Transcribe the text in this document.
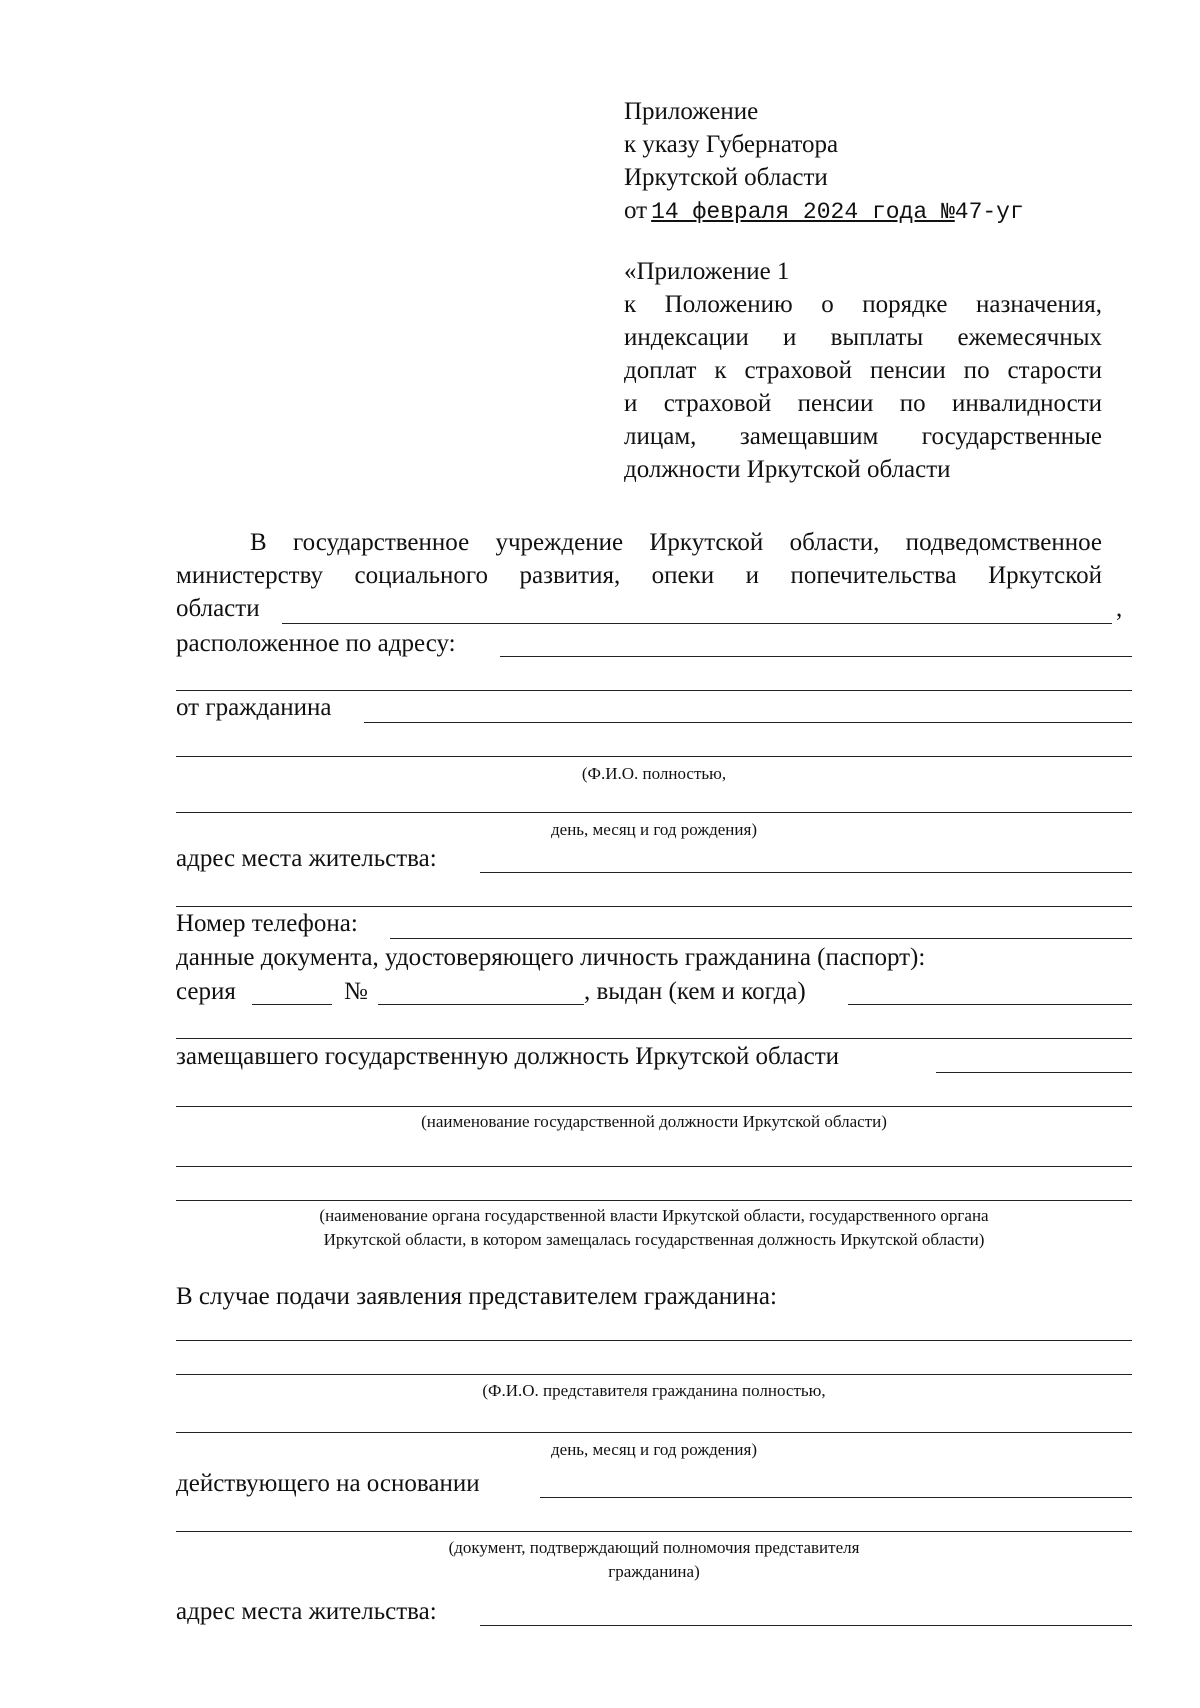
Приложение
к указу Губернатора
Иркутской области
от 14 февраля 2024 года №47-уг
«Приложение 1
к Положению о порядке назначения,
индексации и выплаты ежемесячных
доплат к страховой пенсии по старости
и страховой пенсии по инвалидности
лицам, замещавшим государственные
должности Иркутской области
В государственное учреждение Иркутской области, подведомственное
министерству социального развития, опеки и попечительства Иркутской
области	,
расположенное по адресу:
от гражданина
(Ф.И.О. полностью,
день, месяц и год рождения)
адрес места жительства:
Номер телефона:
данные документа, удостоверяющего личность гражданина (паспорт):
серия	№	, выдан (кем и когда)
замещавшего государственную должность Иркутской области
(наименование государственной должности Иркутской области)
(наименование органа государственной власти Иркутской области, государственного органа
Иркутской области, в котором замещалась государственная должность Иркутской области)
В случае подачи заявления представителем гражданина:
(Ф.И.О. представителя гражданина полностью,
день, месяц и год рождения)
действующего на основании
(документ, подтверждающий полномочия представителя
гражданина)
адрес места жительства:
